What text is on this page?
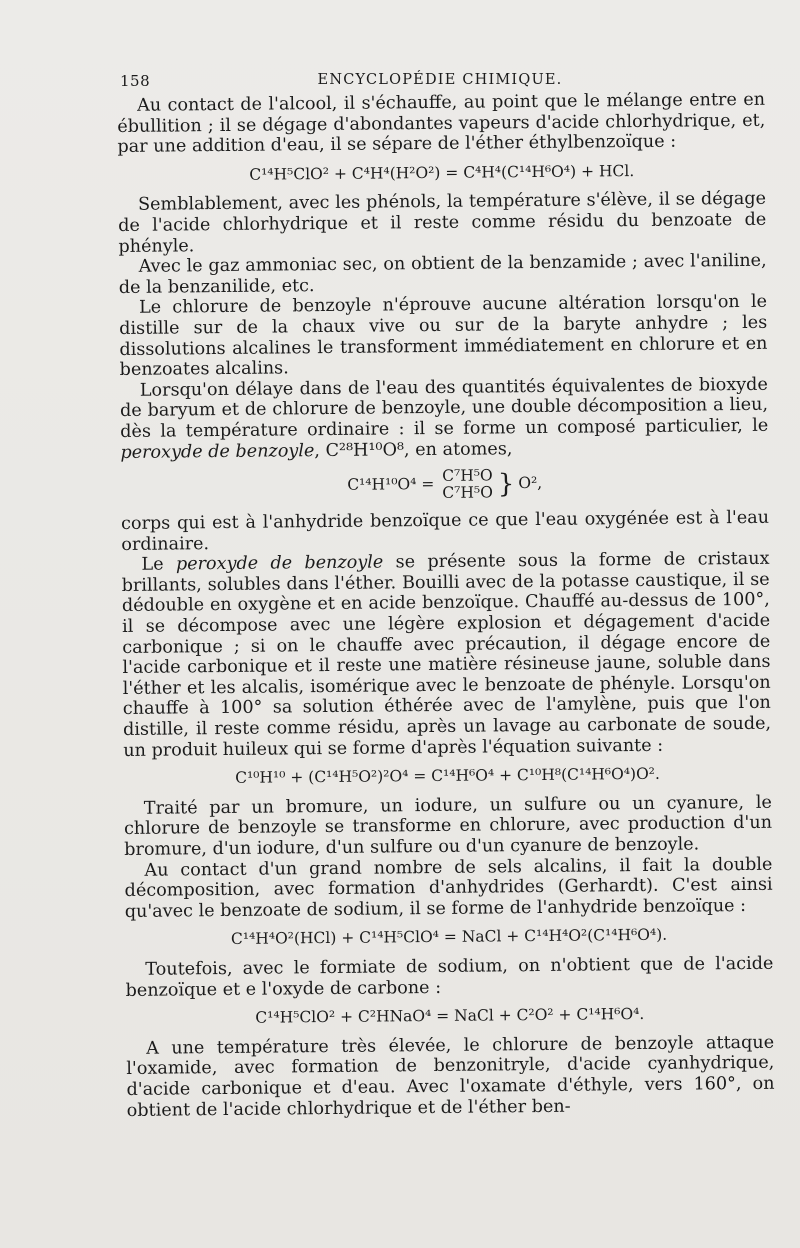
158	ENCYCLOPÉDIE CHIMIQUE.

Au contact de l'alcool, il s'échauffe, au point que le mélange entre en ébullition ; il se dégage d'abondantes vapeurs d'acide chlorhydrique, et, par une addition d'eau, il se sépare de l'éther éthylbenzoïque :

C¹⁴H⁵ClO² + C⁴H⁴(H²O²) = C⁴H⁴(C¹⁴H⁶O⁴) + HCl.

Semblablement, avec les phénols, la température s'élève, il se dégage de l'acide chlorhydrique et il reste comme résidu du benzoate de phényle.

Avec le gaz ammoniac sec, on obtient de la benzamide ; avec l'aniline, de la benzanilide, etc.

Le chlorure de benzoyle n'éprouve aucune altération lorsqu'on le distille sur de la chaux vive ou sur de la baryte anhydre ; les dissolutions alcalines le transforment immédiatement en chlorure et en benzoates alcalins.

Lorsqu'on délaye dans de l'eau des quantités équivalentes de bioxyde de baryum et de chlorure de benzoyle, une double décomposition a lieu, dès la température ordinaire : il se forme un composé particulier, le peroxyde de benzoyle, C²⁸H¹⁰O⁸, en atomes,

C¹⁴H¹⁰O⁴ = C⁷H⁵O
C⁷H⁵O } O²,

corps qui est à l'anhydride benzoïque ce que l'eau oxygénée est à l'eau ordinaire.

Le peroxyde de benzoyle se présente sous la forme de cristaux brillants, solubles dans l'éther. Bouilli avec de la potasse caustique, il se dédouble en oxygène et en acide benzoïque. Chauffé au-dessus de 100°, il se décompose avec une légère explosion et dégagement d'acide carbonique ; si on le chauffe avec précaution, il dégage encore de l'acide carbonique et il reste une matière résineuse jaune, soluble dans l'éther et les alcalis, isomérique avec le benzoate de phényle. Lorsqu'on chauffe à 100° sa solution éthérée avec de l'amylène, puis que l'on distille, il reste comme résidu, après un lavage au carbonate de soude, un produit huileux qui se forme d'après l'équation suivante :

C¹⁰H¹⁰ + (C¹⁴H⁵O²)²O⁴ = C¹⁴H⁶O⁴ + C¹⁰H⁸(C¹⁴H⁶O⁴)O².

Traité par un bromure, un iodure, un sulfure ou un cyanure, le chlorure de benzoyle se transforme en chlorure, avec production d'un bromure, d'un iodure, d'un sulfure ou d'un cyanure de benzoyle.

Au contact d'un grand nombre de sels alcalins, il fait la double décomposition, avec formation d'anhydrides (Gerhardt). C'est ainsi qu'avec le benzoate de sodium, il se forme de l'anhydride benzoïque :

C¹⁴H⁴O²(HCl) + C¹⁴H⁵ClO⁴ = NaCl + C¹⁴H⁴O²(C¹⁴H⁶O⁴).

Toutefois, avec le formiate de sodium, on n'obtient que de l'acide benzoïque et e l'oxyde de carbone :

C¹⁴H⁵ClO² + C²HNaO⁴ = NaCl + C²O² + C¹⁴H⁶O⁴.

A une température très élevée, le chlorure de benzoyle attaque l'oxamide, avec formation de benzonitryle, d'acide cyanhydrique, d'acide carbonique et d'eau. Avec l'oxamate d'éthyle, vers 160°, on obtient de l'acide chlorhydrique et de l'éther ben-
